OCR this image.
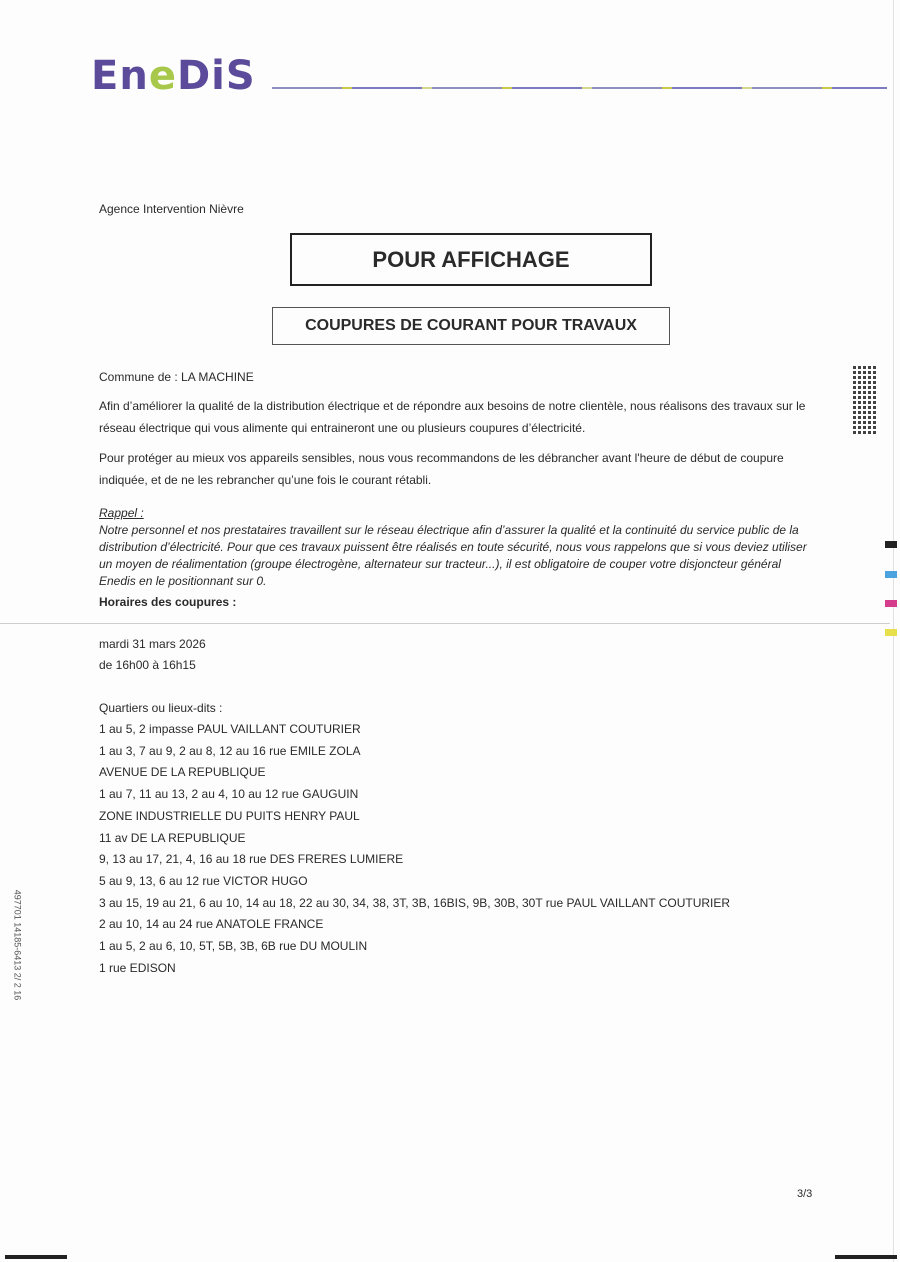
EneDiS
Agence Intervention Nièvre
POUR AFFICHAGE
COUPURES DE COURANT POUR TRAVAUX
Commune de : LA MACHINE
Afin d’améliorer la qualité de la distribution électrique et de répondre aux besoins de notre clientèle, nous réalisons des travaux sur le réseau électrique qui vous alimente qui entraineront une ou plusieurs coupures d’électricité.
Pour protéger au mieux vos appareils sensibles, nous vous recommandons de les débrancher avant l'heure de début de coupure indiquée, et de ne les rebrancher qu’une fois le courant rétabli.
Rappel :
Notre personnel et nos prestataires travaillent sur le réseau électrique afin d’assurer la qualité et la continuité du service public de la distribution d’électricité. Pour que ces travaux puissent être réalisés en toute sécurité, nous vous rappelons que si vous deviez utiliser un moyen de réalimentation (groupe électrogène, alternateur sur tracteur...), il est obligatoire de couper votre disjoncteur général Enedis en le positionnant sur 0.
Horaires des coupures :
mardi 31 mars 2026
de 16h00 à 16h15
Quartiers ou lieux-dits :
1 au 5, 2 impasse PAUL VAILLANT COUTURIER
1 au 3, 7 au 9, 2 au 8, 12 au 16 rue EMILE ZOLA
AVENUE DE LA REPUBLIQUE
1 au 7, 11 au 13, 2 au 4, 10 au 12 rue GAUGUIN
ZONE INDUSTRIELLE DU PUITS HENRY PAUL
11 av DE LA REPUBLIQUE
9, 13 au 17, 21, 4, 16 au 18 rue DES FRERES LUMIERE
5 au 9, 13, 6 au 12 rue VICTOR HUGO
3 au 15, 19 au 21, 6 au 10, 14 au 18, 22 au 30, 34, 38, 3T, 3B, 16BIS, 9B, 30B, 30T rue PAUL VAILLANT COUTURIER
2 au 10, 14 au 24 rue ANATOLE FRANCE
1 au 5, 2 au 6, 10, 5T, 5B, 3B, 6B rue DU MOULIN
1 rue EDISON
497701 14185-6413 2/ 2 16
3/3
